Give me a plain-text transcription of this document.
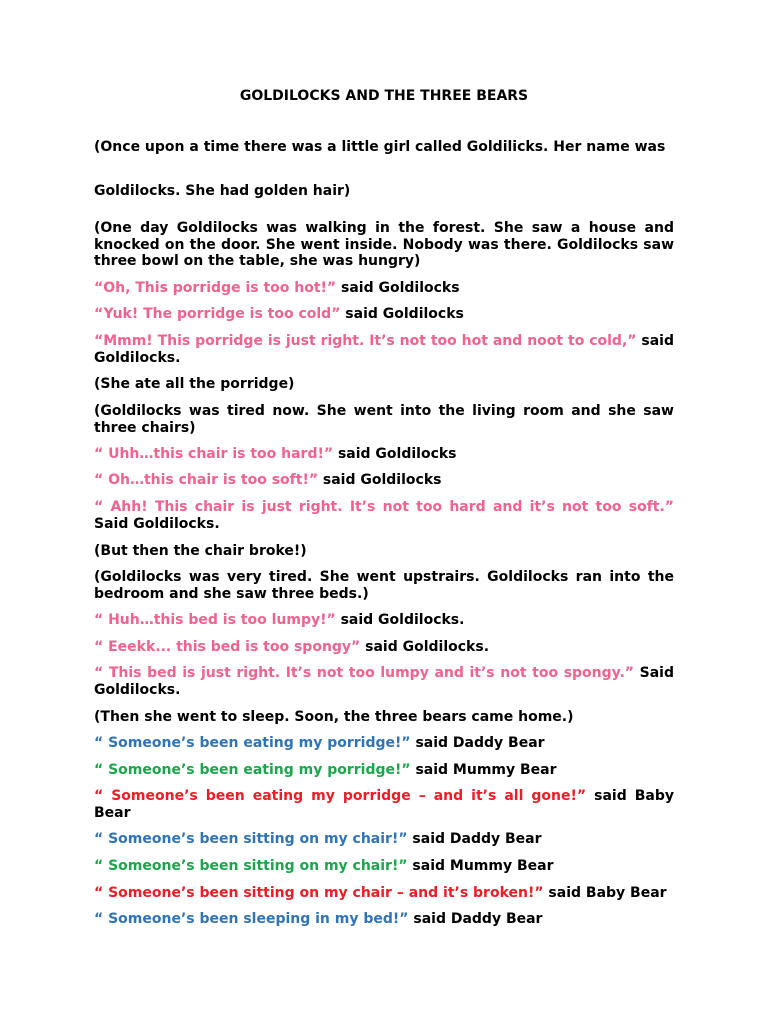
GOLDILOCKS AND THE THREE BEARS

(Once upon a time there was a little girl called Goldilicks. Her name was

Goldilocks. She had golden hair)

(One day Goldilocks was walking in the forest. She saw a house and knocked on the door. She went inside. Nobody was there. Goldilocks saw three bowl on the table, she was hungry)

“Oh, This porridge is too hot!” said Goldilocks

“Yuk! The porridge is too cold” said Goldilocks

“Mmm! This porridge is just right. It’s not too hot and noot to cold,” said Goldilocks.

(She ate all the porridge)

(Goldilocks was tired now. She went into the living room and she saw three chairs)

“ Uhh…this chair is too hard!” said Goldilocks

“ Oh…this chair is too soft!” said Goldilocks

“ Ahh! This chair is just right. It’s not too hard and it’s not too soft.” Said Goldilocks.

(But then the chair broke!)

(Goldilocks was very tired. She went upstrairs. Goldilocks ran into the bedroom and she saw three beds.)

“ Huh…this bed is too lumpy!” said Goldilocks.

“ Eeekk... this bed is too spongy” said Goldilocks.

“ This bed is just right. It’s not too lumpy and it’s not too spongy.” Said Goldilocks.

(Then she went to sleep. Soon, the three bears came home.)

“ Someone’s been eating my porridge!” said Daddy Bear

“ Someone’s been eating my porridge!” said Mummy Bear

“ Someone’s been eating my porridge – and it’s all gone!” said Baby Bear

“ Someone’s been sitting on my chair!” said Daddy Bear

“ Someone’s been sitting on my chair!” said Mummy Bear

“ Someone’s been sitting on my chair – and it’s broken!” said Baby Bear

“ Someone’s been sleeping in my bed!” said Daddy Bear
